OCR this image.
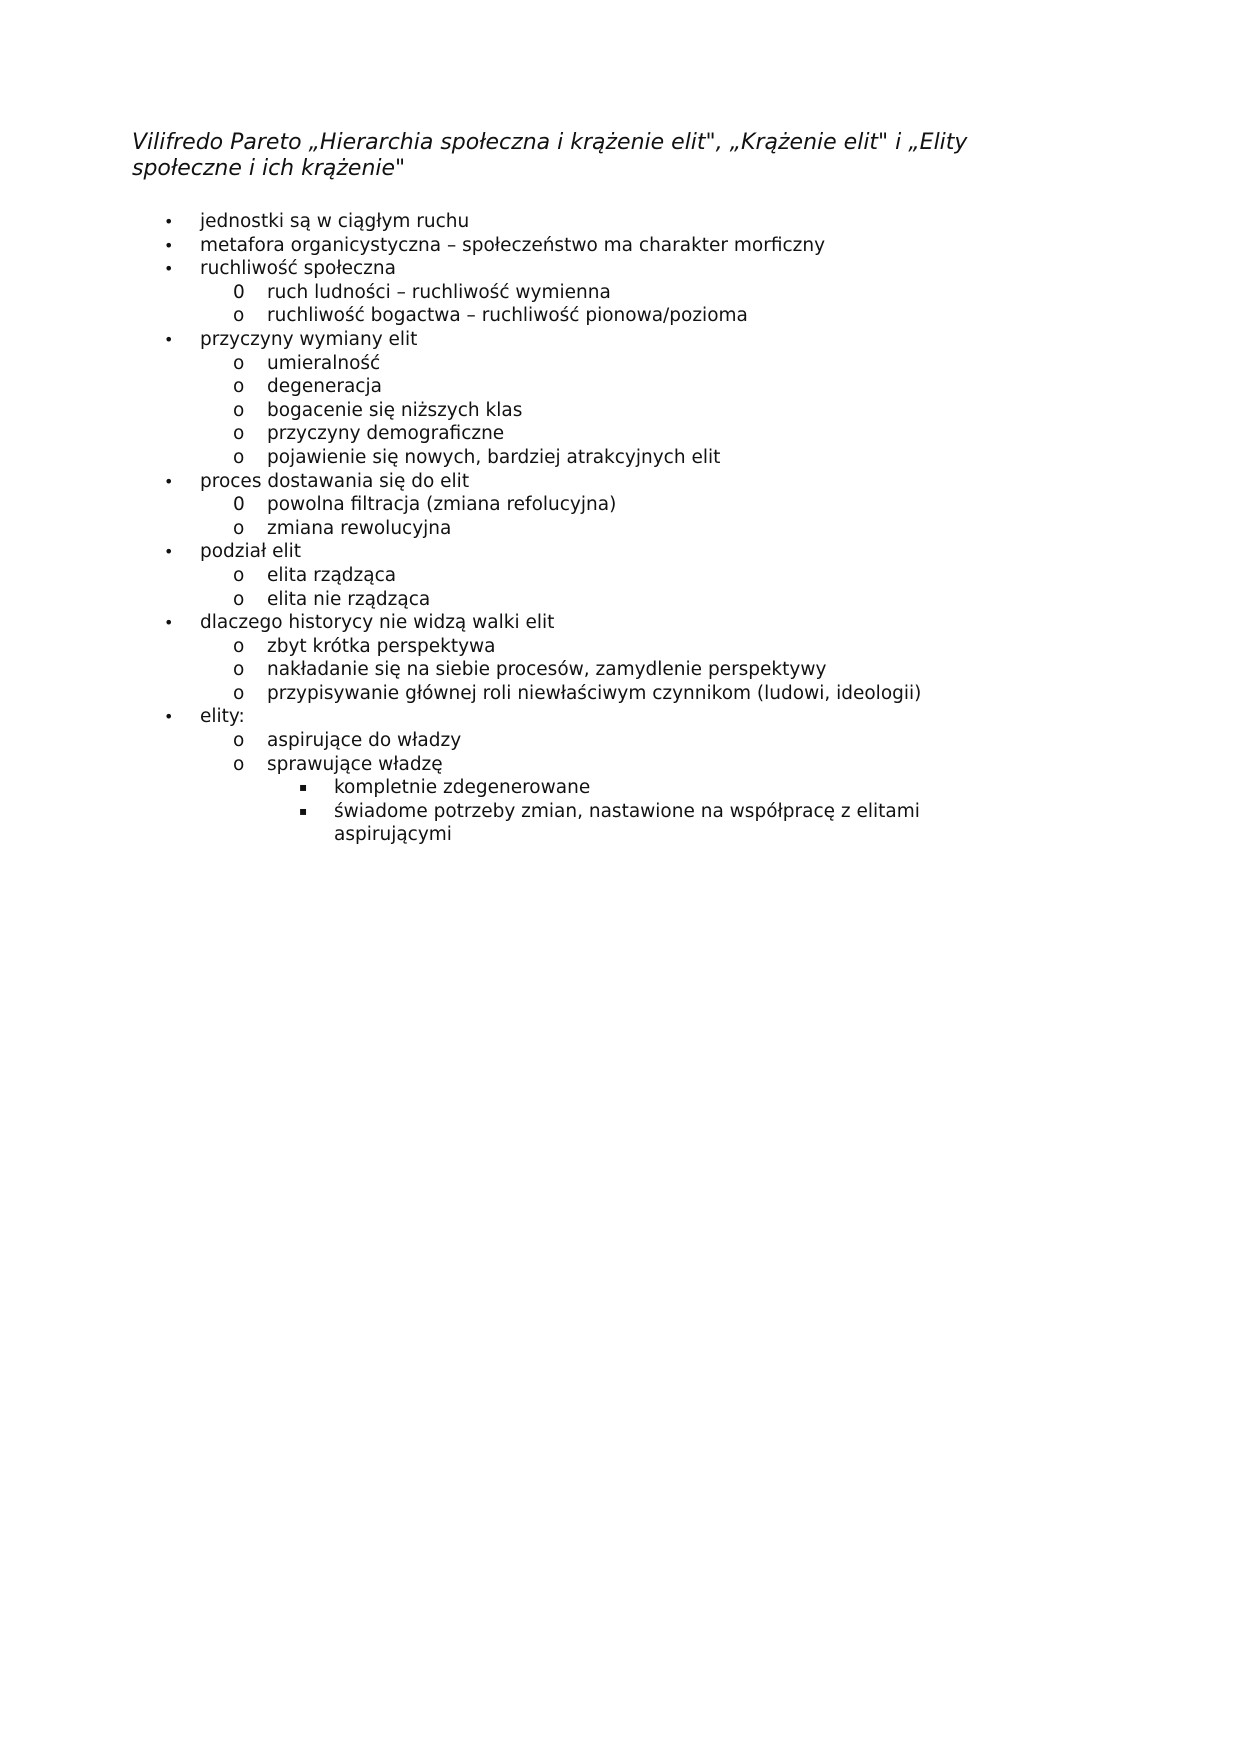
Vilifredo Pareto „Hierarchia społeczna i krążenie elit", „Krążenie elit" i „Elity społeczne i ich krążenie"
• jednostki są w ciągłym ruchu
• metafora organicystyczna – społeczeństwo ma charakter morficzny
• ruchliwość społeczna
0 ruch ludności – ruchliwość wymienna
o ruchliwość bogactwa – ruchliwość pionowa/pozioma
• przyczyny wymiany elit
o umieralność
o degeneracja
o bogacenie się niższych klas
o przyczyny demograficzne
o pojawienie się nowych, bardziej atrakcyjnych elit
• proces dostawania się do elit
0 powolna filtracja (zmiana refolucyjna)
o zmiana rewolucyjna
• podział elit
o elita rządząca
o elita nie rządząca
• dlaczego historycy nie widzą walki elit
o zbyt krótka perspektywa
o nakładanie się na siebie procesów, zamydlenie perspektywy
o przypisywanie głównej roli niewłaściwym czynnikom (ludowi, ideologii)
• elity:
o aspirujące do władzy
o sprawujące władzę
▪ kompletnie zdegenerowane
▪ świadome potrzeby zmian, nastawione na współpracę z elitami
aspirującymi
